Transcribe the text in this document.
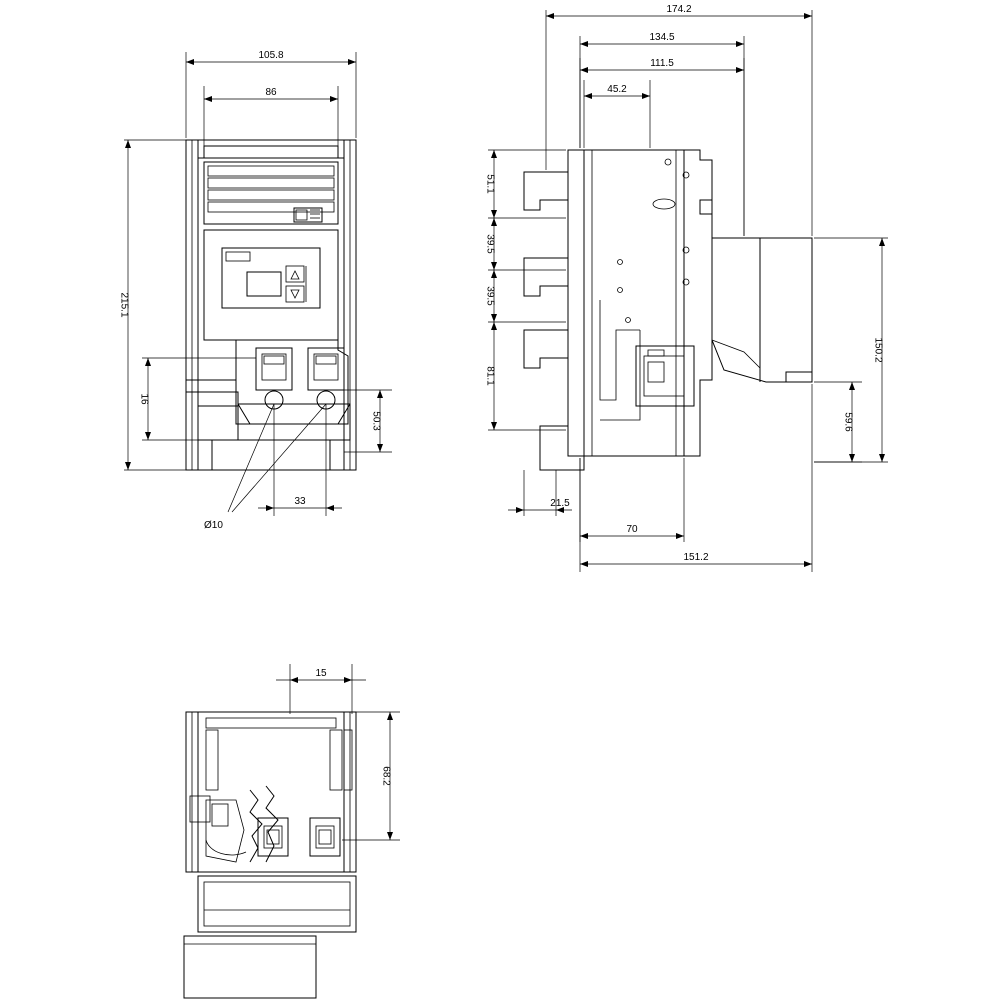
105.8
86
215.1
16
50.3
33
Ø10
174.2
134.5
111.5
45.2
51.1
39.5
39.5
81.1
150.2
59.6
21.5
70
151.2
15
68.2
